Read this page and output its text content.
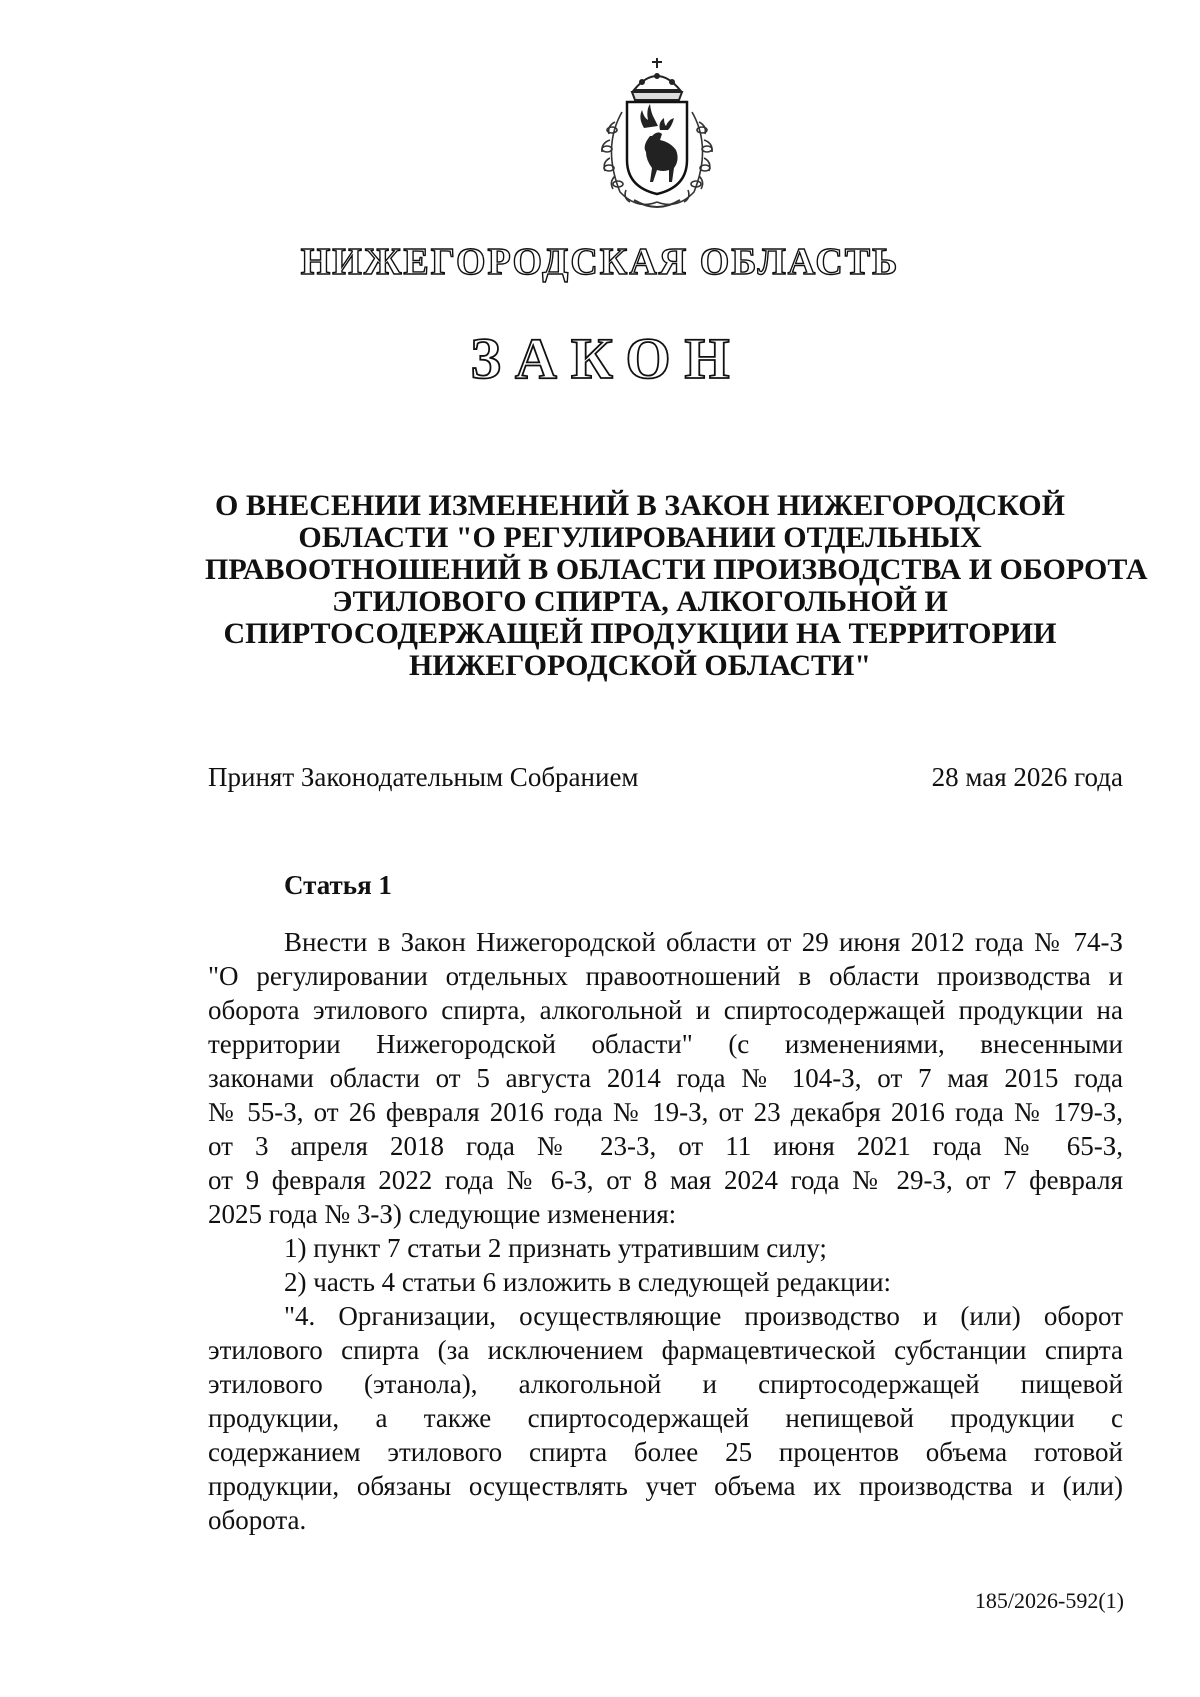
НИЖЕГОРОДСКАЯ ОБЛАСТЬ
ЗАКОН
О ВНЕСЕНИИ ИЗМЕНЕНИЙ В ЗАКОН НИЖЕГОРОДСКОЙ
ОБЛАСТИ "О РЕГУЛИРОВАНИИ ОТДЕЛЬНЫХ
ПРАВООТНОШЕНИЙ В ОБЛАСТИ ПРОИЗВОДСТВА И ОБОРОТА
ЭТИЛОВОГО СПИРТА, АЛКОГОЛЬНОЙ И
СПИРТОСОДЕРЖАЩЕЙ ПРОДУКЦИИ НА ТЕРРИТОРИИ
НИЖЕГОРОДСКОЙ ОБЛАСТИ"
Принят Законодательным Собранием	28 мая 2026 года
Статья 1
Внести в Закон Нижегородской области от 29 июня 2012 года № 74-З
"О регулировании отдельных правоотношений в области производства и
оборота этилового спирта, алкогольной и спиртосодержащей продукции на
территории Нижегородской области" (с изменениями, внесенными
законами области от 5 августа 2014 года № 104-З, от 7 мая 2015 года
№ 55-З, от 26 февраля 2016 года № 19-З, от 23 декабря 2016 года № 179-З,
от 3 апреля 2018 года № 23-З, от 11 июня 2021 года № 65-З,
от 9 февраля 2022 года № 6-З, от 8 мая 2024 года № 29-З, от 7 февраля
2025 года № 3-З) следующие изменения:
1) пункт 7 статьи 2 признать утратившим силу;
2) часть 4 статьи 6 изложить в следующей редакции:
"4. Организации, осуществляющие производство и (или) оборот
этилового спирта (за исключением фармацевтической субстанции спирта
этилового (этанола), алкогольной и спиртосодержащей пищевой
продукции, а также спиртосодержащей непищевой продукции с
содержанием этилового спирта более 25 процентов объема готовой
продукции, обязаны осуществлять учет объема их производства и (или)
оборота.
185/2026-592(1)
